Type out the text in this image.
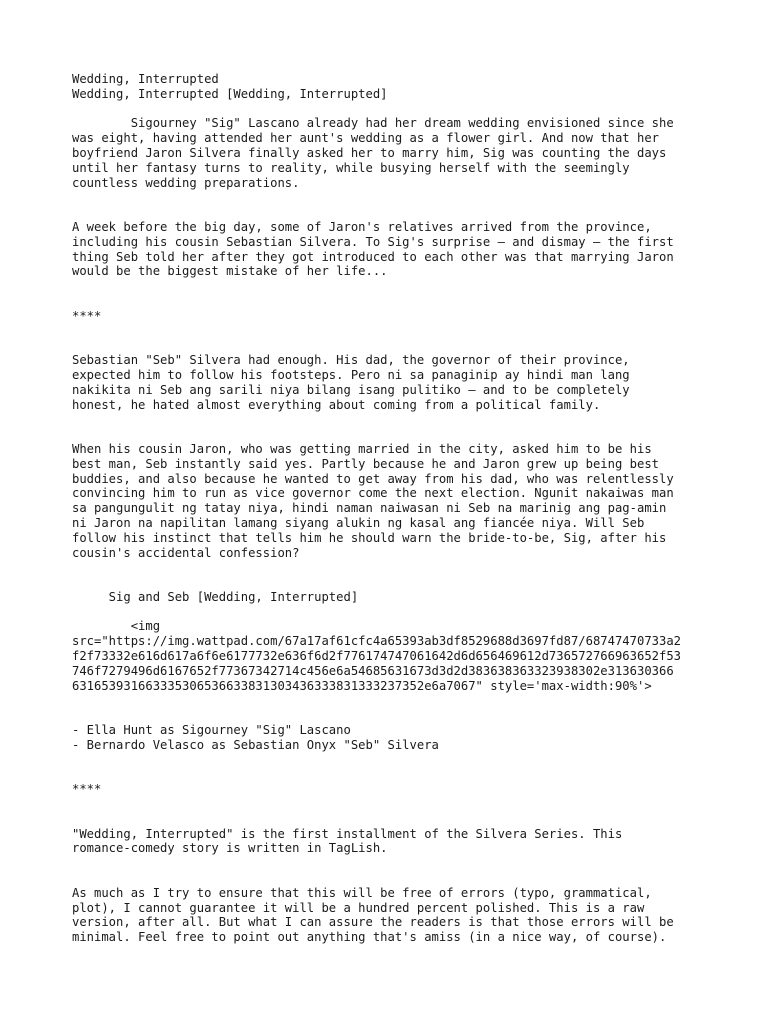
Wedding, Interrupted
Wedding, Interrupted [Wedding, Interrupted]
Sigourney "Sig" Lascano already had her dream wedding envisioned since she
was eight, having attended her aunt's wedding as a flower girl. And now that her
boyfriend Jaron Silvera finally asked her to marry him, Sig was counting the days
until her fantasy turns to reality, while busying herself with the seemingly
countless wedding preparations.
A week before the big day, some of Jaron's relatives arrived from the province,
including his cousin Sebastian Silvera. To Sig's surprise – and dismay – the first
thing Seb told her after they got introduced to each other was that marrying Jaron
would be the biggest mistake of her life...
****
Sebastian "Seb" Silvera had enough. His dad, the governor of their province,
expected him to follow his footsteps. Pero ni sa panaginip ay hindi man lang
nakikita ni Seb ang sarili niya bilang isang pulitiko – and to be completely
honest, he hated almost everything about coming from a political family.
When his cousin Jaron, who was getting married in the city, asked him to be his
best man, Seb instantly said yes. Partly because he and Jaron grew up being best
buddies, and also because he wanted to get away from his dad, who was relentlessly
convincing him to run as vice governor come the next election. Ngunit nakaiwas man
sa pangungulit ng tatay niya, hindi naman naiwasan ni Seb na marinig ang pag-amin
ni Jaron na napilitan lamang siyang alukin ng kasal ang fiancée niya. Will Seb
follow his instinct that tells him he should warn the bride-to-be, Sig, after his
cousin's accidental confession?
Sig and Seb [Wedding, Interrupted]
<img
src="https://img.wattpad.com/67a17af61cfc4a65393ab3df8529688d3697fd87/68747470733a2
f2f73332e616d617a6f6e6177732e636f6d2f776174747061642d6d656469612d736572766963652f53
746f7279496d6167652f77367342714c456e6a54685631673d3d2d383638363323938302e313630366
631653931663335306536633831303436333831333237352e6a7067" style='max-width:90%'>
- Ella Hunt as Sigourney "Sig" Lascano
- Bernardo Velasco as Sebastian Onyx "Seb" Silvera
****
"Wedding, Interrupted" is the first installment of the Silvera Series. This
romance-comedy story is written in TagLish.
As much as I try to ensure that this will be free of errors (typo, grammatical,
plot), I cannot guarantee it will be a hundred percent polished. This is a raw
version, after all. But what I can assure the readers is that those errors will be
minimal. Feel free to point out anything that's amiss (in a nice way, of course).
